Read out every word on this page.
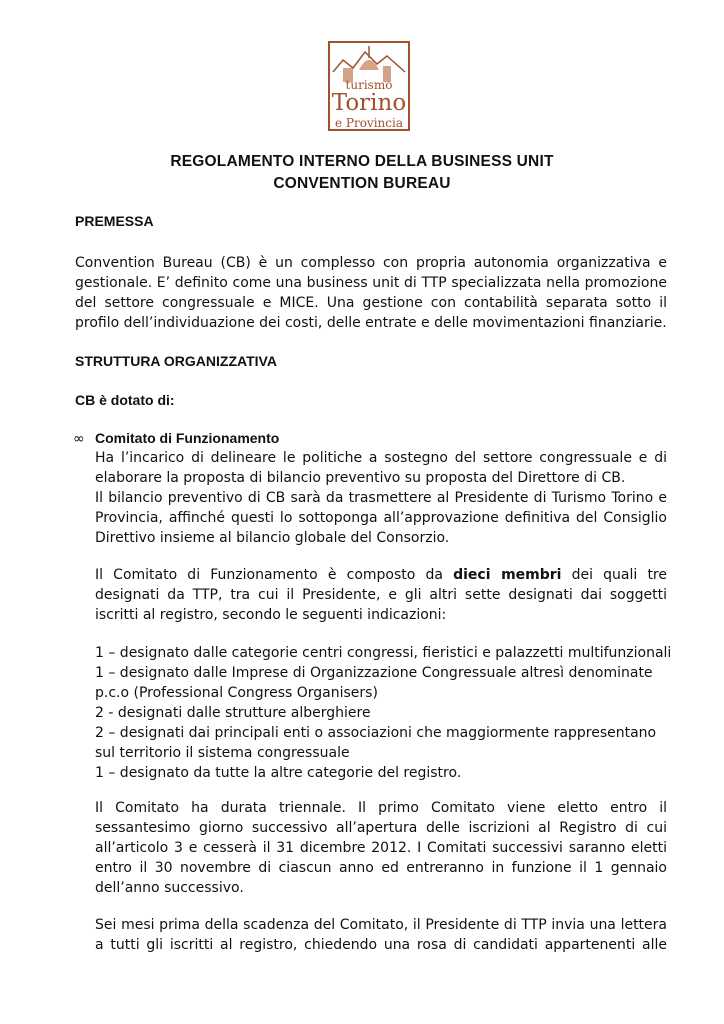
turismo
Torino
e Provincia
REGOLAMENTO INTERNO DELLA BUSINESS UNIT
CONVENTION BUREAU
PREMESSA
Convention Bureau (CB) è un complesso con propria autonomia organizzativa e gestionale. E’ definito come una business unit di TTP specializzata nella promozione del settore congressuale e MICE. Una gestione con contabilità separata sotto il profilo dell’individuazione dei costi, delle entrate e delle movimentazioni finanziarie.
STRUTTURA ORGANIZZATIVA
CB è dotato di:
∞ Comitato di Funzionamento
Ha l’incarico di delineare le politiche a sostegno del settore congressuale e di elaborare la proposta di bilancio preventivo su proposta del Direttore di CB.
Il bilancio preventivo di CB sarà da trasmettere al Presidente di Turismo Torino e Provincia, affinché questi lo sottoponga all’approvazione definitiva del Consiglio Direttivo insieme al bilancio globale del Consorzio.
Il Comitato di Funzionamento è composto da dieci membri dei quali tre designati da TTP, tra cui il Presidente, e gli altri sette designati dai soggetti iscritti al registro, secondo le seguenti indicazioni:
1 – designato dalle categorie centri congressi, fieristici e palazzetti multifunzionali
1 – designato dalle Imprese di Organizzazione Congressuale altresì denominate
p.c.o (Professional Congress Organisers)
2 - designati dalle strutture alberghiere
2 – designati dai principali enti o associazioni che maggiormente rappresentano
sul territorio il sistema congressuale
1 – designato da tutte la altre categorie del registro.
Il Comitato ha durata triennale. Il primo Comitato viene eletto entro il sessantesimo giorno successivo all’apertura delle iscrizioni al Registro di cui all’articolo 3 e cesserà il 31 dicembre 2012. I Comitati successivi saranno eletti entro il 30 novembre di ciascun anno ed entreranno in funzione il 1 gennaio dell’anno successivo.
Sei mesi prima della scadenza del Comitato, il Presidente di TTP invia una lettera a tutti gli iscritti al registro, chiedendo una rosa di candidati appartenenti alle
